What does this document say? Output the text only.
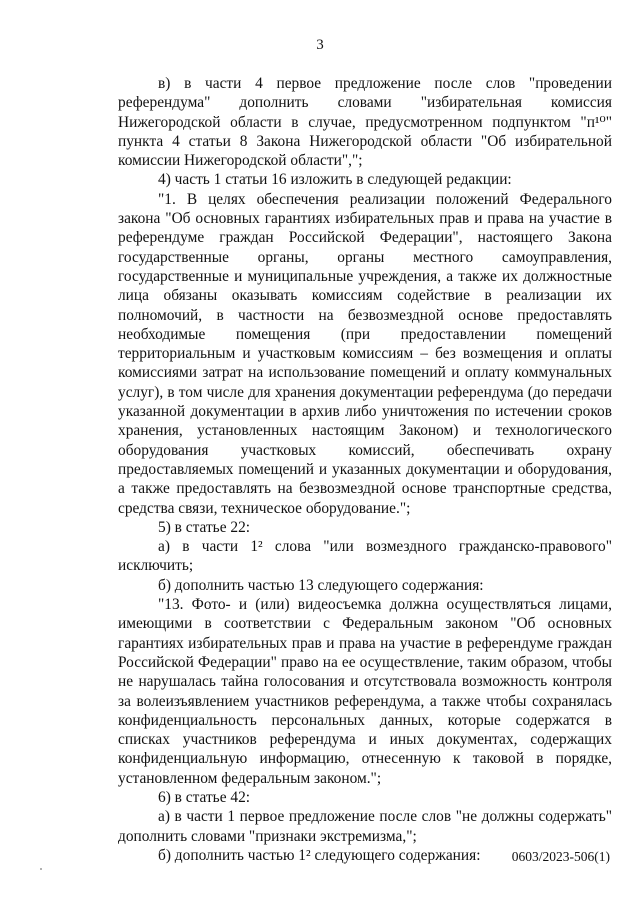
3

в) в части 4 первое предложение после слов "проведении

референдума" дополнить словами "избирательная комиссия

Нижегородской области в случае, предусмотренном подпунктом "п¹⁰"

пункта 4 статьи 8 Закона Нижегородской области "Об избирательной

комиссии Нижегородской области",";

4) часть 1 статьи 16 изложить в следующей редакции:

"1. В целях обеспечения реализации положений Федерального

закона "Об основных гарантиях избирательных прав и права на участие в

референдуме граждан Российской Федерации", настоящего Закона

государственные органы, органы местного самоуправления,

государственные и муниципальные учреждения, а также их должностные

лица обязаны оказывать комиссиям содействие в реализации их

полномочий, в частности на безвозмездной основе предоставлять

необходимые помещения (при предоставлении помещений

территориальным и участковым комиссиям – без возмещения и оплаты

комиссиями затрат на использование помещений и оплату коммунальных

услуг), в том числе для хранения документации референдума (до передачи

указанной документации в архив либо уничтожения по истечении сроков

хранения, установленных настоящим Законом) и технологического

оборудования участковых комиссий, обеспечивать охрану

предоставляемых помещений и указанных документации и оборудования,

а также предоставлять на безвозмездной основе транспортные средства,

средства связи, техническое оборудование.";

5) в статье 22:

а) в части 1² слова "или возмездного гражданско-правового"

исключить;

б) дополнить частью 13 следующего содержания:

"13. Фото- и (или) видеосъемка должна осуществляться лицами,

имеющими в соответствии с Федеральным законом "Об основных

гарантиях избирательных прав и права на участие в референдуме граждан

Российской Федерации" право на ее осуществление, таким образом, чтобы

не нарушалась тайна голосования и отсутствовала возможность контроля

за волеизъявлением участников референдума, а также чтобы сохранялась

конфиденциальность персональных данных, которые содержатся в

списках участников референдума и иных документах, содержащих

конфиденциальную информацию, отнесенную к таковой в порядке,

установленном федеральным законом.";

6) в статье 42:

а) в части 1 первое предложение после слов "не должны содержать"

дополнить словами "признаки экстремизма,";

б) дополнить частью 1² следующего содержания:	0603/2023-506(1)
